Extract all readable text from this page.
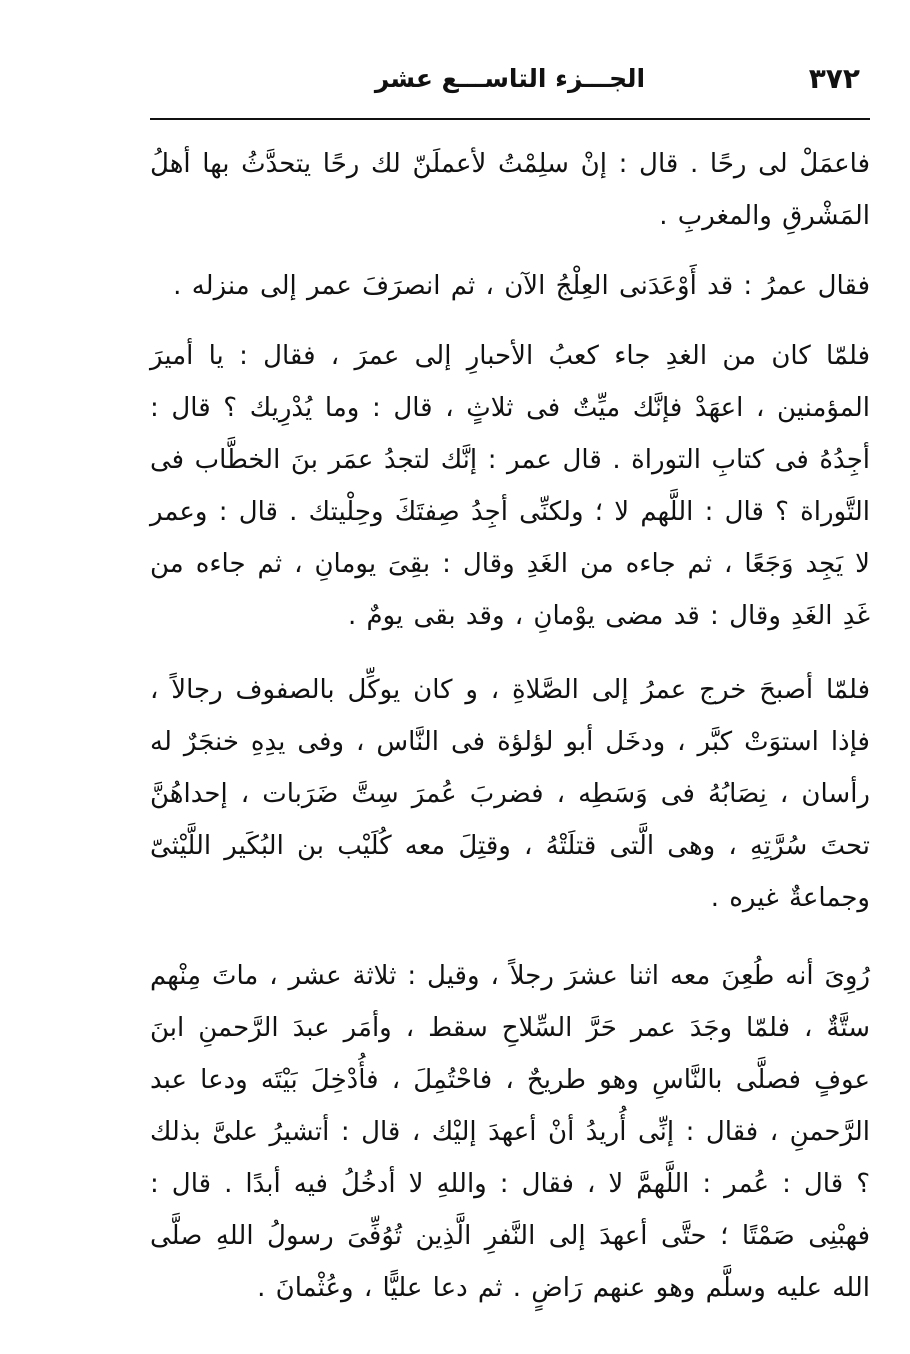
٣٧٢
الجـــزء التاســـع عشر

فاعمَلْ لى رحًا . قال : إنْ سلِمْتُ لأعملَنّ لك رحًا يتحدَّثُ بها أهلُ المَشْرقِ والمغربِ .

فقال عمرُ : قد أَوْعَدَنى العِلْجُ الآن ، ثم انصرَفَ عمر إلى منزله .

فلمّا كان من الغدِ جاء كعبُ الأحبارِ إلى عمرَ ، فقال : يا أميرَ المؤمنين ، اعهَدْ فإنَّك ميِّتٌ فى ثلاثٍ ، قال : وما يُدْرِيك ؟ قال : أجِدُهُ فى كتابِ التوراة . قال عمر : إنَّك لتجدُ عمَر بنَ الخطَّاب فى التَّوراة ؟ قال : اللَّهم لا ؛ ولكنِّى أجِدُ صِفتَكَ وحِلْيتك . قال : وعمر لا يَجِد وَجَعًا ، ثم جاءه من الغَدِ وقال : بقِىَ يومانِ ، ثم جاءه من غَدِ الغَدِ وقال : قد مضى يوْمانِ ، وقد بقى يومٌ .

فلمّا أصبحَ خرج عمرُ إلى الصَّلاةِ ، و كان يوكِّل بالصفوف رجالاً ، فإذا استوَتْ كبَّر ، ودخَل أبو لؤلؤة فى النَّاس ، وفى يدِهِ خنجَرٌ له رأسان ، نِصَابُهُ فى وَسَطِه ، فضربَ عُمرَ سِتَّ ضَرَبات ، إحداهُنَّ تحتَ سُرَّتِهِ ، وهى الَّتى قتلَتْهُ ، وقتِلَ معه كُلَيْب بن البُكَير اللَّيْثىّ وجماعةٌ غيره .

رُوِىَ أنه طُعِنَ معه اثنا عشرَ رجلاً ، وقيل : ثلاثة عشر ، ماتَ مِنْهم ستَّةٌ ، فلمّا وجَدَ عمر حَرَّ السِّلاحِ سقط ، وأمَر عبدَ الرَّحمنِ ابنَ عوفٍ فصلَّى بالنَّاسِ وهو طريحٌ ، فاحْتُمِلَ ، فأُدْخِلَ بَيْتَه ودعا عبد الرَّحمنِ ، فقال : إنِّى أُريدُ أنْ أعهدَ إليْك ، قال : أتشيرُ علىَّ بذلك ؟ قال : عُمر : اللَّهمَّ لا ، فقال : واللهِ لا أدخُلُ فيه أبدًا . قال : فهبْنِى صَمْتًا ؛ حتَّى أعهدَ إلى النَّفرِ الَّذِين تُوُفِّىَ رسولُ اللهِ صلَّى الله عليه وسلَّم وهو عنهم رَاضٍ . ثم دعا عليًّا ، وعُثْمانَ .
